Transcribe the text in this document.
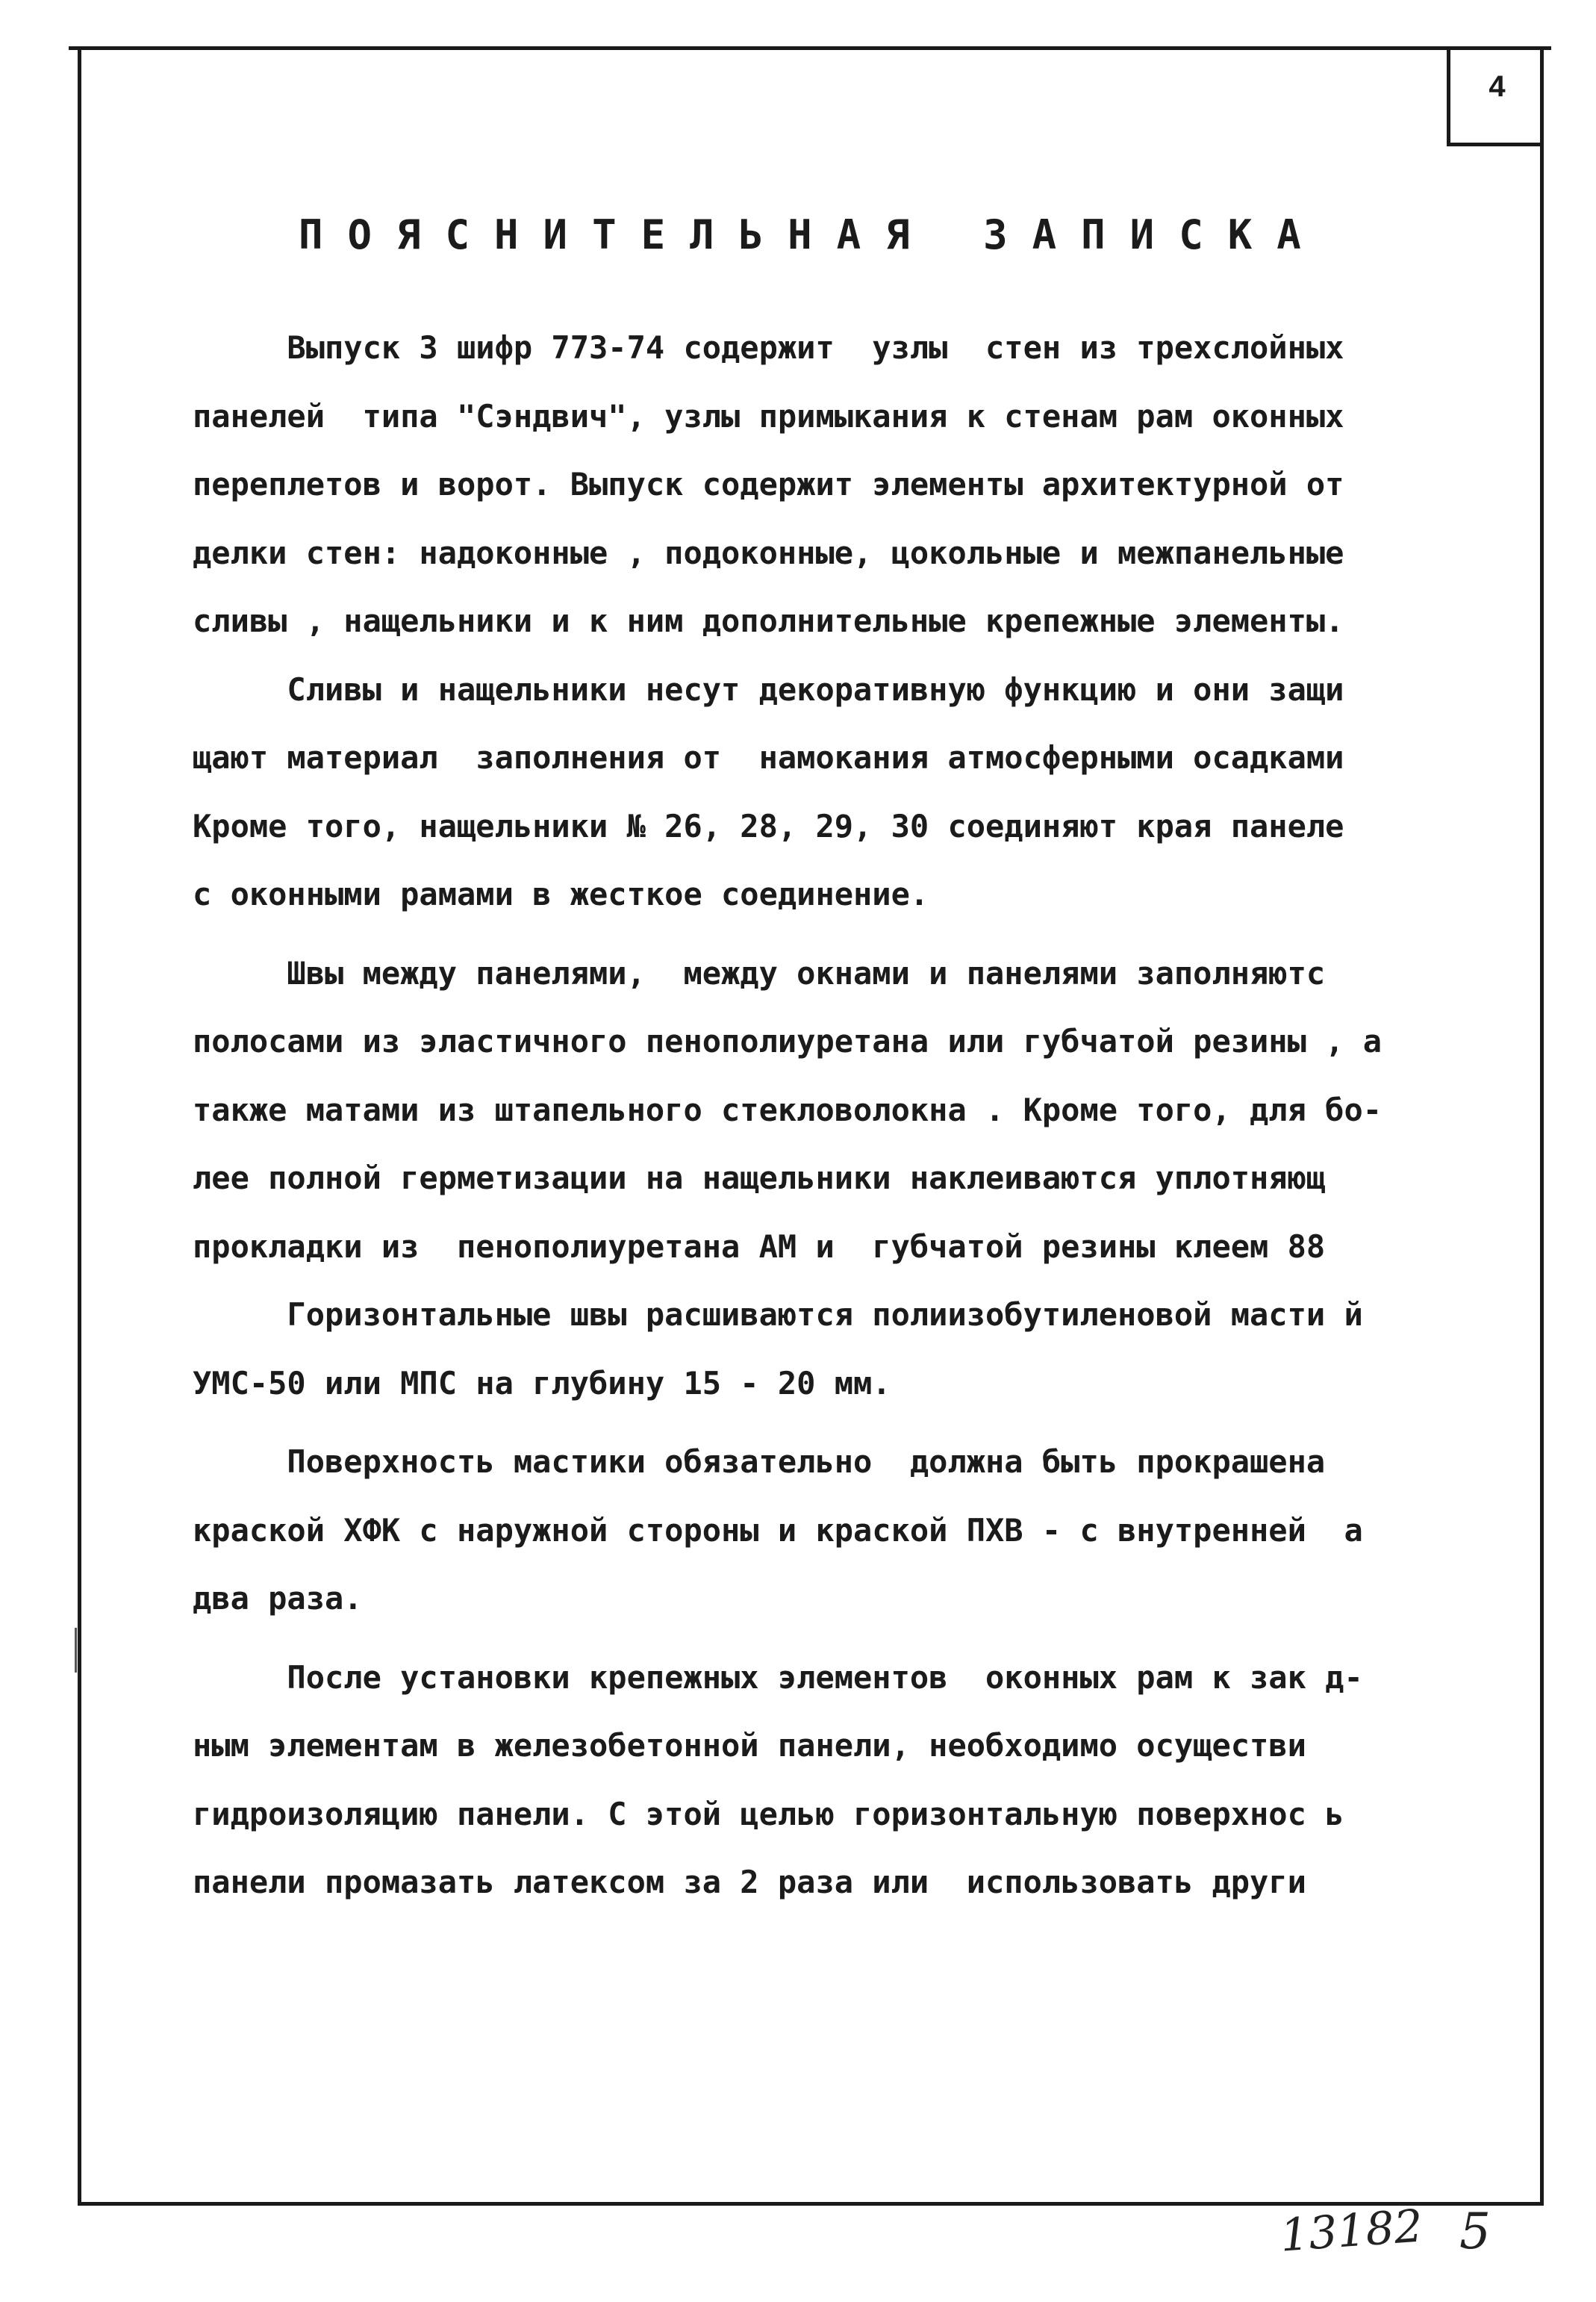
4
ПОЯСНИТЕЛЬНАЯ ЗАПИСКА
Выпуск 3 шифр 773-74 содержит  узлы  стен из трехслойных
панелей  типа "Сэндвич", узлы примыкания к стенам рам оконных
переплетов и ворот. Выпуск содержит элементы архитектурной от
делки стен: надоконные , подоконные, цокольные и межпанельные
сливы , нащельники и к ним дополнительные крепежные элементы.
Сливы и нащельники несут декоративную функцию и они защи
щают материал  заполнения от  намокания атмосферными осадками
Кроме того, нащельники № 26, 28, 29, 30 соединяют края панеле
с оконными рамами в жесткое соединение.
Швы между панелями,  между окнами и панелями заполняютс
полосами из эластичного пенополиуретана или губчатой резины , а
также матами из штапельного стекловолокна . Кроме того, для бо-
лее полной герметизации на нащельники наклеиваются уплотняющ
прокладки из  пенополиуретана АМ и  губчатой резины клеем 88
Горизонтальные швы расшиваются полиизобутиленовой масти й
УМС-50 или МПС на глубину 15 - 20 мм.
Поверхность мастики обязательно  должна быть прокрашена
краской ХФК с наружной стороны и краской ПХВ - с внутренней  а
два раза.
После установки крепежных элементов  оконных рам к зак д-
ным элементам в железобетонной панели, необходимо осуществи
гидроизоляцию панели. С этой целью горизонтальную поверхнос ь
панели промазать латексом за 2 раза или  использовать други
13182 5
